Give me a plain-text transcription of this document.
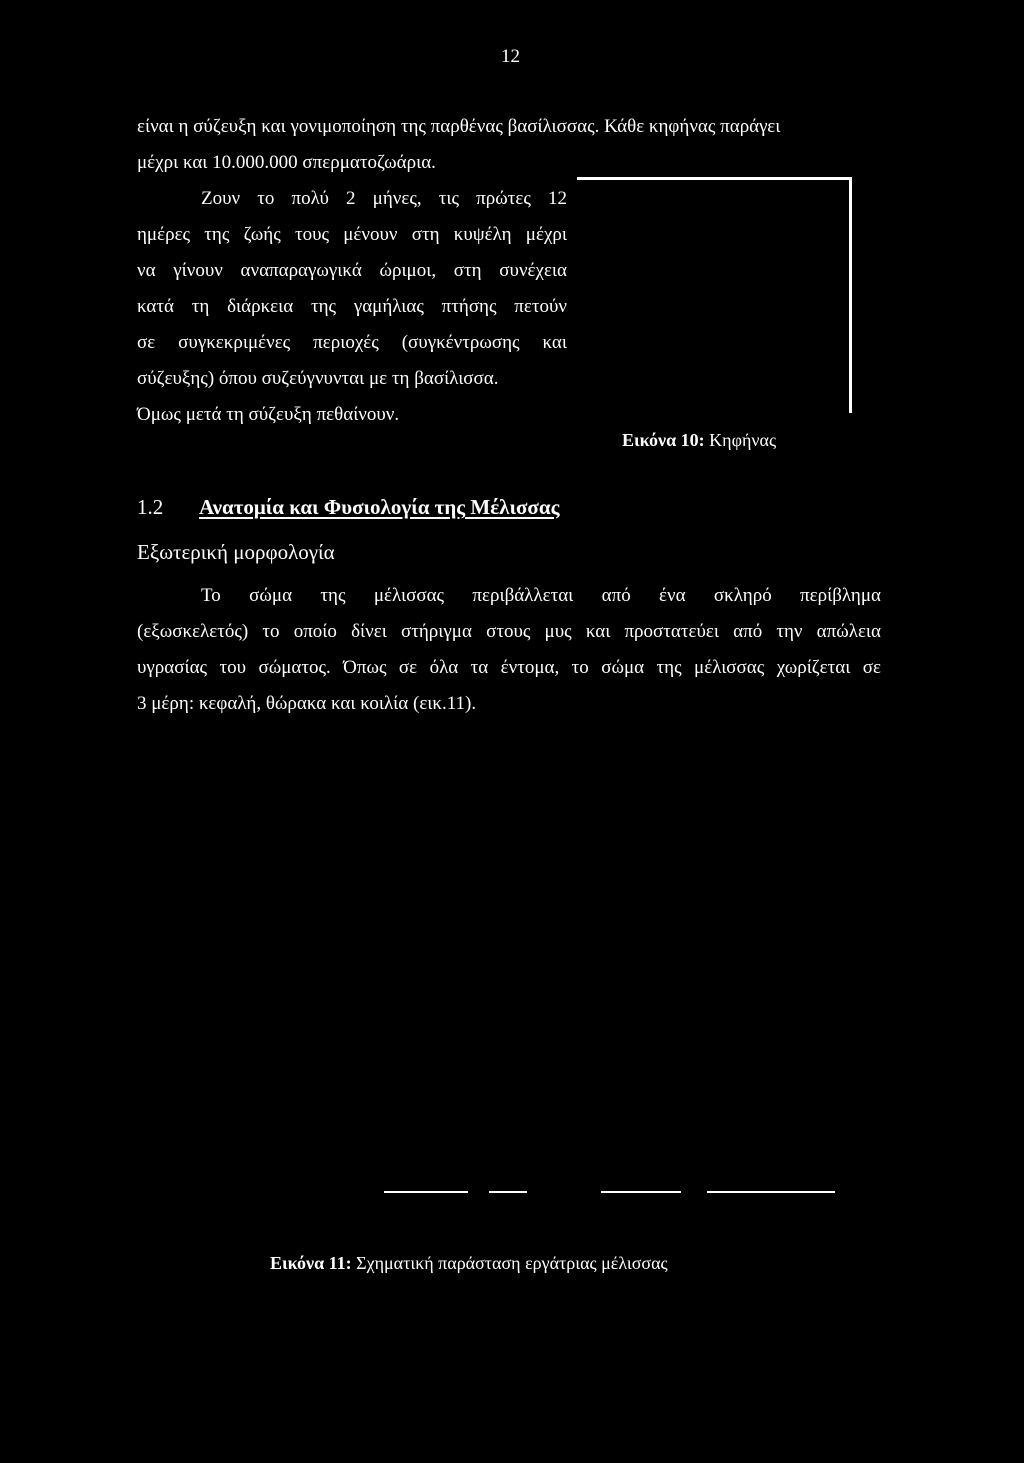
12
είναι η σύζευξη και γονιμοποίηση της παρθένας βασίλισσας. Κάθε κηφήνας παράγει
μέχρι και 10.000.000 σπερματοζωάρια.
Ζουν το πολύ 2 μήνες, τις πρώτες 12
ημέρες της ζωής τους μένουν στη κυψέλη μέχρι
να γίνουν αναπαραγωγικά ώριμοι, στη συνέχεια
κατά τη διάρκεια της γαμήλιας πτήσης πετούν
σε συγκεκριμένες περιοχές (συγκέντρωσης και
σύζευξης) όπου συζεύγνυνται με τη βασίλισσα.
Όμως μετά τη σύζευξη πεθαίνουν.
Εικόνα 10: Κηφήνας
1.2 Ανατομία και Φυσιολογία της Μέλισσας
Εξωτερική μορφολογία
Το σώμα της μέλισσας περιβάλλεται από ένα σκληρό περίβλημα
(εξωσκελετός) το οποίο δίνει στήριγμα στους μυς και προστατεύει από την απώλεια
υγρασίας του σώματος. Όπως σε όλα τα έντομα, το σώμα της μέλισσας χωρίζεται σε
3 μέρη: κεφαλή, θώρακα και κοιλία (εικ.11).
Εικόνα 11: Σχηματική παράσταση εργάτριας μέλισσας
